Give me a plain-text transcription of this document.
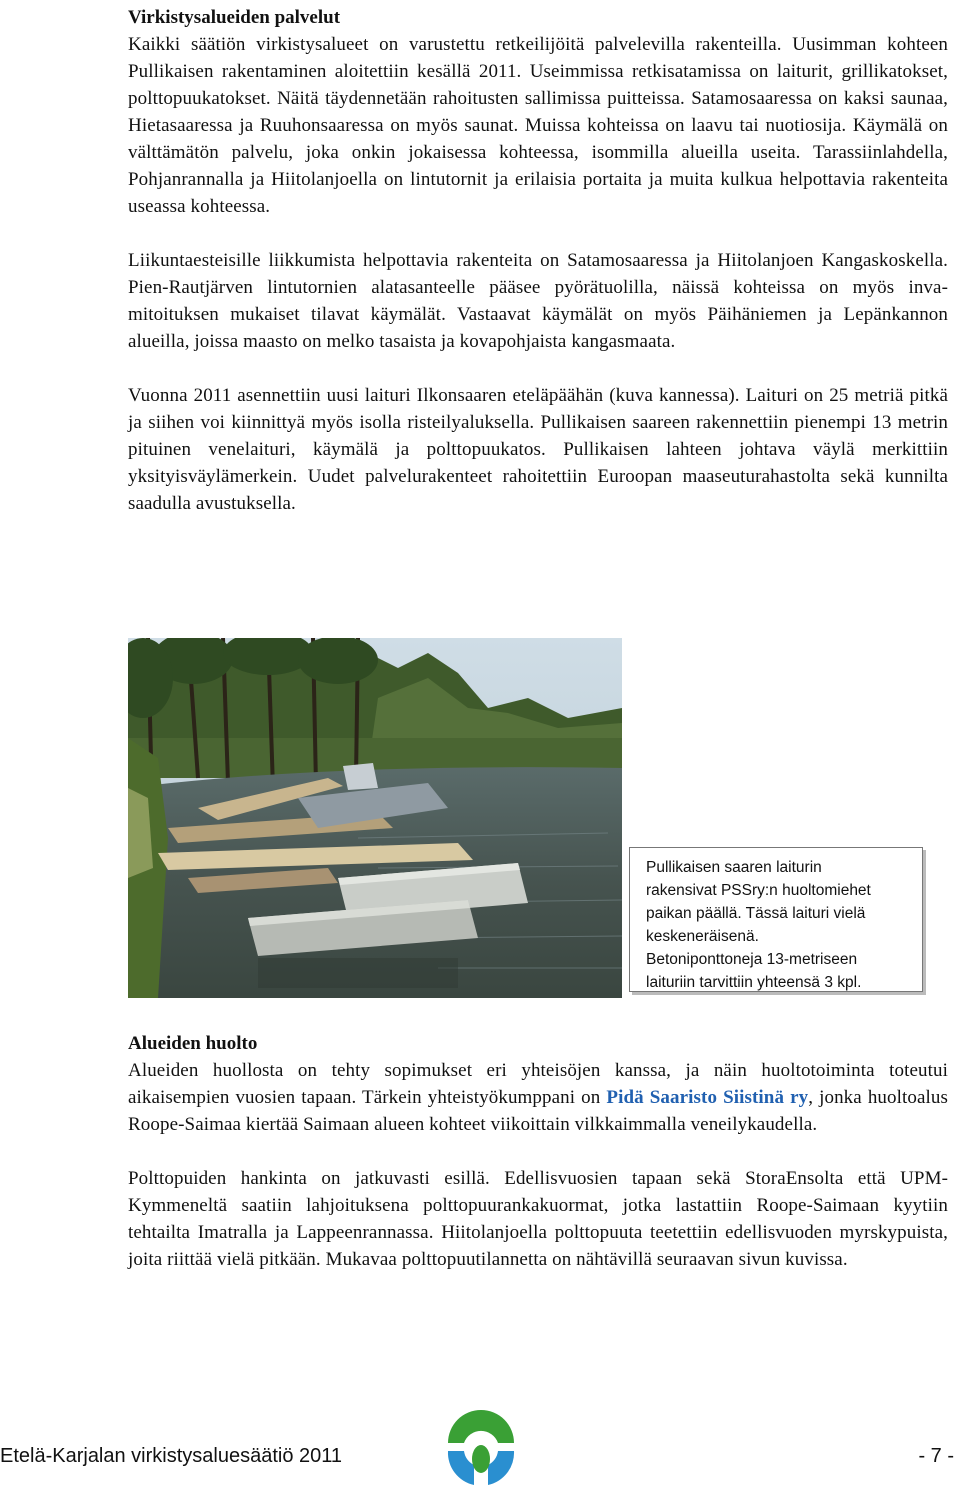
Virkistysalueiden palvelut

Kaikki säätiön virkistysalueet on varustettu retkeilijöitä palvelevilla rakenteilla. Uusimman kohteen Pullikaisen rakentaminen aloitettiin kesällä 2011. Useimmissa retkisatamissa on laiturit, grillikatokset, polttopuukatokset. Näitä täydennetään rahoitusten sallimissa puitteissa. Satamosaaressa on kaksi saunaa, Hietasaaressa ja Ruuhonsaaressa on myös saunat. Muissa kohteissa on laavu tai nuotiosija. Käymälä on välttämätön palvelu, joka onkin jokaisessa kohteessa, isommilla alueilla useita. Tarassiinlahdella, Pohjanrannalla ja Hiitolanjoella on lintutornit ja erilaisia portaita ja muita kulkua helpottavia rakenteita useassa kohteessa.

Liikuntaesteisille liikkumista helpottavia rakenteita on Satamosaaressa ja Hiitolanjoen Kangaskoskella. Pien-Rautjärven lintutornien alatasanteelle pääsee pyörätuolilla, näissä kohteissa on myös inva-mitoituksen mukaiset tilavat käymälät. Vastaavat käymälät on myös Päihäniemen ja Lepänkannon alueilla, joissa maasto on melko tasaista ja kovapohjaista kangasmaata.

Vuonna 2011 asennettiin uusi laituri Ilkonsaaren eteläpäähän (kuva kannessa). Laituri on 25 metriä pitkä ja siihen voi kiinnittyä myös isolla risteilyaluksella. Pullikaisen saareen rakennettiin pienempi 13 metrin pituinen venelaituri, käymälä ja polttopuukatos. Pullikaisen lahteen johtava väylä merkittiin yksityisväylämerkein. Uudet palvelurakenteet rahoitettiin Euroopan maaseuturahastolta sekä kunnilta saadulla avustuksella.

Pullikaisen saaren laiturin
rakensivat PSSry:n huoltomiehet
paikan päällä. Tässä laituri vielä
keskeneräisenä.
Betoniponttoneja 13-metriseen
laituriin tarvittiin yhteensä 3 kpl.
Alueiden huolto

Alueiden huollosta on tehty sopimukset eri yhteisöjen kanssa, ja näin huoltotoiminta toteutui aikaisempien vuosien tapaan. Tärkein yhteistyökumppani on Pidä Saaristo Siistinä ry, jonka huoltoalus Roope-Saimaa kiertää Saimaan alueen kohteet viikoittain vilkkaimmalla veneilykaudella.

Polttopuiden hankinta on jatkuvasti esillä. Edellisvuosien tapaan sekä StoraEnsolta että UPM-Kymmeneltä saatiin lahjoituksena polttopuurankakuormat, jotka lastattiin Roope-Saimaan kyytiin tehtailta Imatralla ja Lappeenrannassa. Hiitolanjoella polttopuuta teetettiin edellisvuoden myrskypuista, joita riittää vielä pitkään. Mukavaa polttopuutilannetta on nähtävillä seuraavan sivun kuvissa.

Etelä-Karjalan virkistysaluesäätiö 2011	- 7 -
